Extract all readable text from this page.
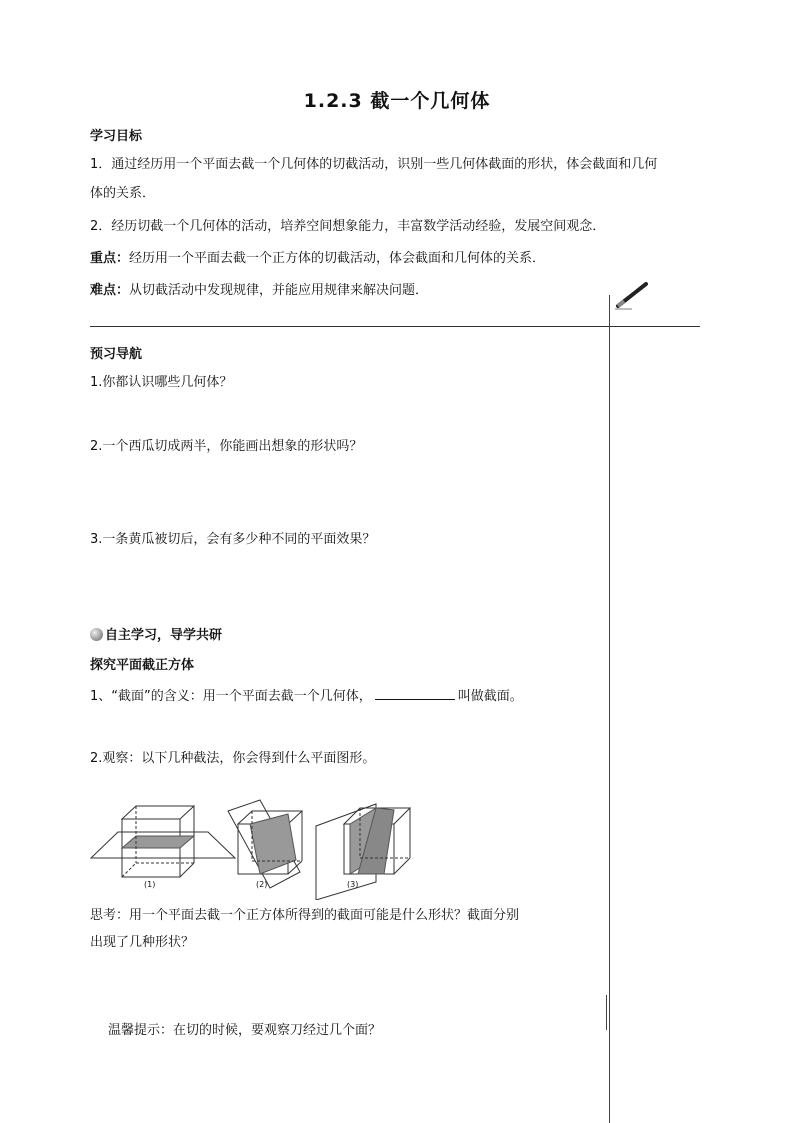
1.2.3 截一个几何体
学习目标
1．通过经历用一个平面去截一个几何体的切截活动，识别一些几何体截面的形状，体会截面和几何
体的关系．
2．经历切截一个几何体的活动，培养空间想象能力，丰富数学活动经验，发展空间观念．
重点：经历用一个平面去截一个正方体的切截活动，体会截面和几何体的关系．
难点：从切截活动中发现规律，并能应用规律来解决问题．
预习导航
1.你都认识哪些几何体？
2.一个西瓜切成两半，你能画出想象的形状吗？
3.一条黄瓜被切后，会有多少种不同的平面效果？
自主学习，导学共研
探究平面截正方体
1、“截面”的含义：用一个平面去截一个几何体，	叫做截面。
2.观察：以下几种截法，你会得到什么平面图形。
(1)	(2)	(3)
思考：用一个平面去截一个正方体所得到的截面可能是什么形状？截面分别
出现了几种形状？
温馨提示：在切的时候，要观察刀经过几个面？
